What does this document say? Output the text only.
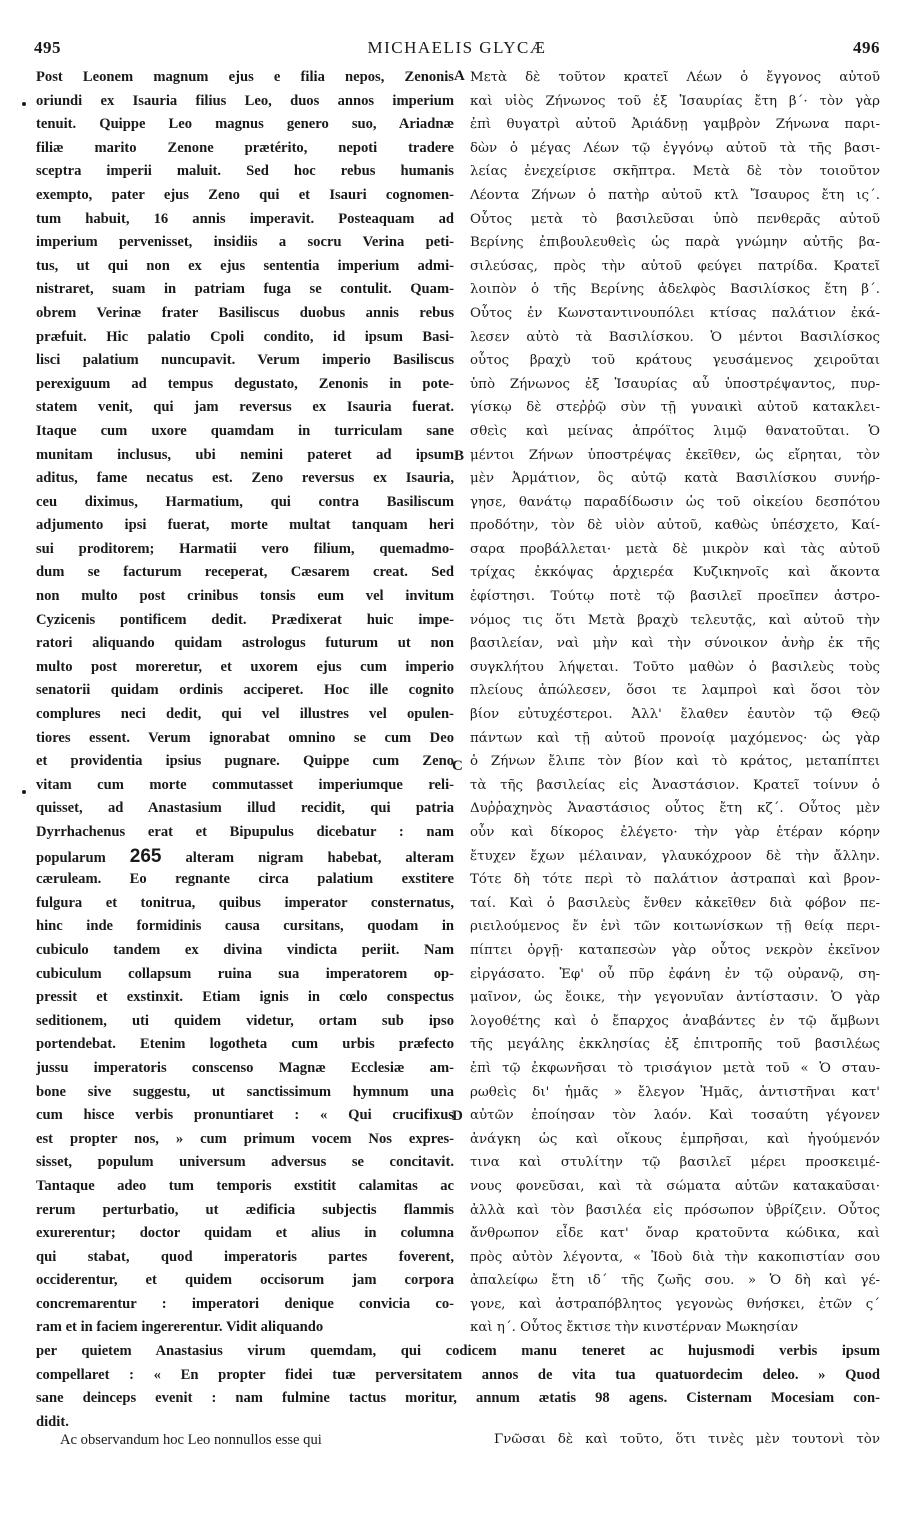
495	MICHAELIS GLYCÆ	496
Post Leonem magnum ejus e filia nepos, Zenonis
oriundi ex Isauria filius Leo, duos annos imperium
tenuit. Quippe Leo magnus genero suo, Ariadnæ
filiæ marito Zenone prætérito, nepoti tradere
sceptra imperii maluit. Sed hoc rebus humanis
exempto, pater ejus Zeno qui et Isauri cognomen-
tum habuit, 16 annis imperavit. Posteaquam ad
imperium pervenisset, insidiis a socru Verina peti-
tus, ut qui non ex ejus sententia imperium admi-
nistraret, suam in patriam fuga se contulit. Quam-
obrem Verinæ frater Basiliscus duobus annis rebus
præfuit. Hic palatio Cpoli condito, id ipsum Basi-
lisci palatium nuncupavit. Verum imperio Basiliscus
perexiguum ad tempus degustato, Zenonis in pote-
statem venit, qui jam reversus ex Isauria fuerat.
Itaque cum uxore quamdam in turriculam sane
munitam inclusus, ubi nemini pateret ad ipsum
aditus, fame necatus est. Zeno reversus ex Isauria,
ceu diximus, Harmatium, qui contra Basiliscum
adjumento ipsi fuerat, morte multat tanquam heri
sui proditorem; Harmatii vero filium, quemadmo-
dum se facturum receperat, Cæsarem creat. Sed
non multo post crinibus tonsis eum vel invitum
Cyzicenis pontificem dedit. Prædixerat huic impe-
ratori aliquando quidam astrologus futurum ut non
multo post moreretur, et uxorem ejus cum imperio
senatorii quidam ordinis acciperet. Hoc ille cognito
complures neci dedit, qui vel illustres vel opulen-
tiores essent. Verum ignorabat omnino se cum Deo
et providentia ipsius pugnare. Quippe cum Zeno
vitam cum morte commutasset imperiumque reli-
quisset, ad Anastasium illud recidit, qui patria
Dyrrhachenus erat et Bipupulus dicebatur : nam
popularum 265 alteram nigram habebat, alteram
cæruleam. Eo regnante circa palatium exstitere
fulgura et tonitrua, quibus imperator consternatus,
hinc inde formidinis causa cursitans, quodam in
cubiculo tandem ex divina vindicta periit. Nam
cubiculum collapsum ruina sua imperatorem op-
pressit et exstinxit. Etiam ignis in cœlo conspectus
seditionem, uti quidem videtur, ortam sub ipso
portendebat. Etenim logotheta cum urbis præfecto
jussu imperatoris conscenso Magnæ Ecclesiæ am-
bone sive suggestu, ut sanctissimum hymnum una
cum hisce verbis pronuntiaret : « Qui crucifixus
est propter nos, » cum primum vocem Nos expres-
sisset, populum universum adversus se concitavit.
Tantaque adeo tum temporis exstitit calamitas ac
rerum perturbatio, ut ædificia subjectis flammis
exurerentur; doctor quidam et alius in columna
qui stabat, quod imperatoris partes foverent,
occiderentur, et quidem occisorum jam corpora
concremarentur : imperatori denique convicia co-
ram et in faciem ingererentur. Vidit aliquando
Μετὰ δὲ τοῦτον κρατεῖ Λέων ὁ ἔγγονος αὐτοῦ
καὶ υἱὸς Ζήνωνος τοῦ ἐξ Ἰσαυρίας ἔτη β΄· τὸν γὰρ
ἐπὶ θυγατρὶ αὐτοῦ Ἀριάδνῃ γαμβρὸν Ζήνωνα παρι-
δὼν ὁ μέγας Λέων τῷ ἐγγόνῳ αὐτοῦ τὰ τῆς βασι-
λείας ἐνεχείρισε σκῆπτρα. Μετὰ δὲ τὸν τοιοῦτον
Λέοντα Ζήνων ὁ πατὴρ αὐτοῦ κτλ Ἴσαυρος ἔτη ις΄.
Οὗτος μετὰ τὸ βασιλεῦσαι ὑπὸ πενθερᾶς αὐτοῦ
Βερίνης ἐπιβουλευθεὶς ὡς παρὰ γνώμην αὐτῆς βα-
σιλεύσας, πρὸς τὴν αὐτοῦ φεύγει πατρίδα. Κρατεῖ
λοιπὸν ὁ τῆς Βερίνης ἀδελφὸς Βασιλίσκος ἔτη β΄.
Οὗτος ἐν Κωνσταντινουπόλει κτίσας παλάτιον ἐκά-
λεσεν αὐτὸ τὰ Βασιλίσκου. Ὁ μέντοι Βασιλίσκος
οὗτος βραχὺ τοῦ κράτους γευσάμενος χειροῦται
ὑπὸ Ζήνωνος ἐξ Ἰσαυρίας αὖ ὑποστρέψαντος, πυρ-
γίσκῳ δὲ στεῤῥῷ σὺν τῇ γυναικὶ αὐτοῦ κατακλει-
σθεὶς καὶ μείνας ἀπρόϊτος λιμῷ θανατοῦται. Ὁ
μέντοι Ζήνων ὑποστρέψας ἐκεῖθεν, ὡς εἴρηται, τὸν
μὲν Ἀρμάτιον, ὃς αὐτῷ κατὰ Βασιλίσκου συνήρ-
γησε, θανάτῳ παραδίδωσιν ὡς τοῦ οἰκείου δεσπότου
προδότην, τὸν δὲ υἱὸν αὐτοῦ, καθὼς ὑπέσχετο, Καί-
σαρα προβάλλεται· μετὰ δὲ μικρὸν καὶ τὰς αὐτοῦ
τρίχας ἐκκόψας ἀρχιερέα Κυζικηνοῖς καὶ ἄκοντα
ἐφίστησι. Τούτῳ ποτὲ τῷ βασιλεῖ προεῖπεν ἀστρο-
νόμος τις ὅτι Μετὰ βραχὺ τελευτᾷς, καὶ αὐτοῦ τὴν
βασιλείαν, ναὶ μὴν καὶ τὴν σύνοικον ἀνὴρ ἐκ τῆς
συγκλήτου λήψεται. Τοῦτο μαθὼν ὁ βασιλεὺς τοὺς
πλείους ἀπώλεσεν, ὅσοι τε λαμπροὶ καὶ ὅσοι τὸν
βίον εὐτυχέστεροι. Ἀλλ' ἔλαθεν ἑαυτὸν τῷ Θεῷ
πάντων καὶ τῇ αὐτοῦ προνοίᾳ μαχόμενος· ὡς γὰρ
ὁ Ζήνων ἔλιπε τὸν βίον καὶ τὸ κράτος, μεταπίπτει
τὰ τῆς βασιλείας εἰς Ἀναστάσιον. Κρατεῖ τοίνυν ὁ
Δυῤῥαχηνὸς Ἀναστάσιος οὗτος ἔτη κζ΄. Οὗτος μὲν
οὖν καὶ δίκορος ἐλέγετο· τὴν γὰρ ἑτέραν κόρην
ἔτυχεν ἔχων μέλαιναν, γλαυκόχροον δὲ τὴν ἄλλην.
Τότε δὴ τότε περὶ τὸ παλάτιον ἀστραπαὶ καὶ βρον-
ταί. Καὶ ὁ βασιλεὺς ἔνθεν κἀκεῖθεν διὰ φόβον πε-
ριειλούμενος ἔν ἑνὶ τῶν κοιτωνίσκων τῇ θείᾳ περι-
πίπτει ὀργῇ· καταπεσὼν γὰρ οὗτος νεκρὸν ἐκεῖνον
εἰργάσατο. Ἐφ' οὗ πῦρ ἐφάνη ἐν τῷ οὐρανῷ, ση-
μαῖνον, ὡς ἔοικε, τὴν γεγονυῖαν ἀντίστασιν. Ὁ γὰρ
λογοθέτης καὶ ὁ ἔπαρχος ἀναβάντες ἐν τῷ ἄμβωνι
τῆς μεγάλης ἐκκλησίας ἐξ ἐπιτροπῆς τοῦ βασιλέως
ἐπὶ τῷ ἐκφωνῆσαι τὸ τρισάγιον μετὰ τοῦ « Ὁ σταυ-
ρωθεὶς δι' ἡμᾶς » ἔλεγον Ἡμᾶς, ἀντιστῆναι κατ'
αὐτῶν ἐποίησαν τὸν λαόν. Καὶ τοσαύτη γέγονεν
ἀνάγκη ὡς καὶ οἴκους ἐμπρῆσαι, καὶ ἡγούμενόν
τινα καὶ στυλίτην τῷ βασιλεῖ μέρει προσκειμέ-
νους φονεῦσαι, καὶ τὰ σώματα αὐτῶν κατακαῦσαι·
ἀλλὰ καὶ τὸν βασιλέα εἰς πρόσωπον ὑβρίζειν. Οὗτος
ἄνθρωπον εἶδε κατ' ὄναρ κρατοῦντα κώδικα, καὶ
πρὸς αὐτὸν λέγοντα, « Ἰδοὺ διὰ τὴν κακοπιστίαν σου
ἀπαλείφω ἔτη ιδ΄ τῆς ζωῆς σου. » Ὁ δὴ καὶ γέ-
γονε, καὶ ἀστραπόβλητος γεγονὼς θνήσκει, ἐτῶν ς΄
καὶ η΄. Οὗτος ἔκτισε τὴν κινστέρναν Μωκησίαν
A
B
C
D
per quietem Anastasius virum quemdam, qui codicem manu teneret ac hujusmodi verbis ipsum
compellaret : « En propter fidei tuæ perversitatem annos de vita tua quatuordecim deleo. » Quod
sane deinceps evenit : nam fulmine tactus moritur, annum ætatis 98 agens. Cisternam Mocesiam con-
didit.
Ac observandum hoc Leo nonnullos esse qui	Γνῶσαι δὲ καὶ τοῦτο, ὅτι τινὲς μὲν τουτονὶ τὸν
